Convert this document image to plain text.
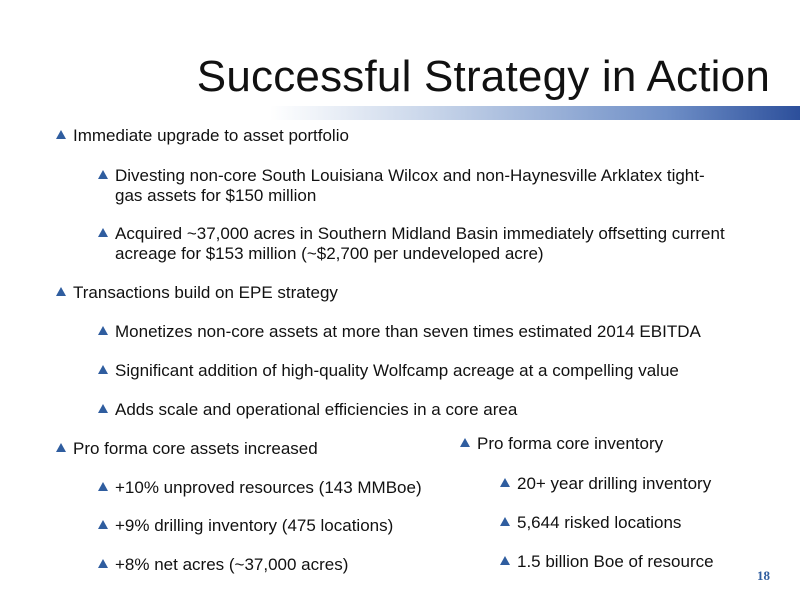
Successful Strategy in Action
Immediate upgrade to asset portfolio
Divesting non-core South Louisiana Wilcox and non-Haynesville Arklatex tight-gas assets for $150 million
Acquired ~37,000 acres in Southern Midland Basin immediately offsetting current acreage for $153 million (~$2,700 per undeveloped acre)
Transactions build on EPE strategy
Monetizes non-core assets at more than seven times estimated 2014 EBITDA
Significant addition of high-quality Wolfcamp acreage at a compelling value
Adds scale and operational efficiencies in a core area
Pro forma core assets increased
+10% unproved resources (143 MMBoe)
+9% drilling inventory (475 locations)
+8% net acres (~37,000 acres)
Pro forma core inventory
20+ year drilling inventory
5,644 risked locations
1.5 billion Boe of resource
18
